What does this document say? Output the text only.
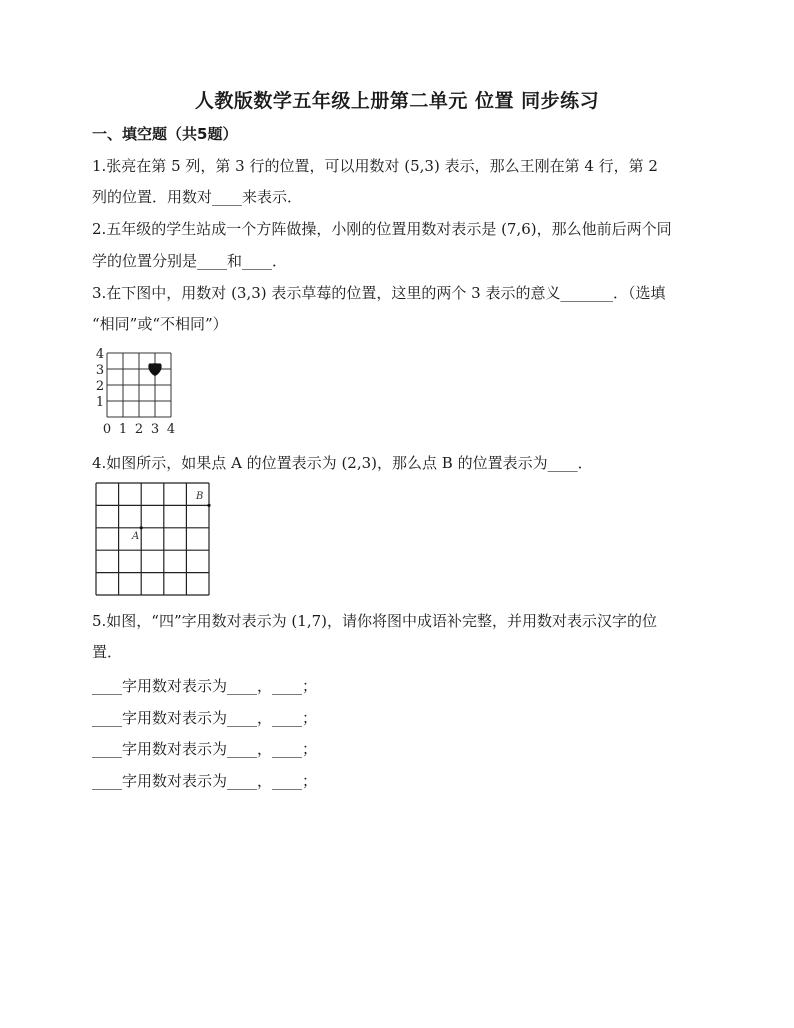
人教版数学五年级上册第二单元 位置 同步练习
一、填空题（共5题）
1.张亮在第 5 列，第 3 行的位置，可以用数对 (5,3) 表示，那么王刚在第 4 行，第 2
列的位置．用数对____来表示．
2.五年级的学生站成一个方阵做操，小刚的位置用数对表示是 (7,6)，那么他前后两个同
学的位置分别是____和____．
3.在下图中，用数对 (3,3) 表示草莓的位置，这里的两个 3 表示的意义_______．（选填
“相同”或“不相同”）
4
3
2
1
0 1 2 3 4
4.如图所示，如果点 A 的位置表示为 (2,3)，那么点 B 的位置表示为____．
A
B
5.如图，“四”字用数对表示为 (1,7)，请你将图中成语补完整，并用数对表示汉字的位
置．
____字用数对表示为____，____；
____字用数对表示为____，____；
____字用数对表示为____，____；
____字用数对表示为____，____；
